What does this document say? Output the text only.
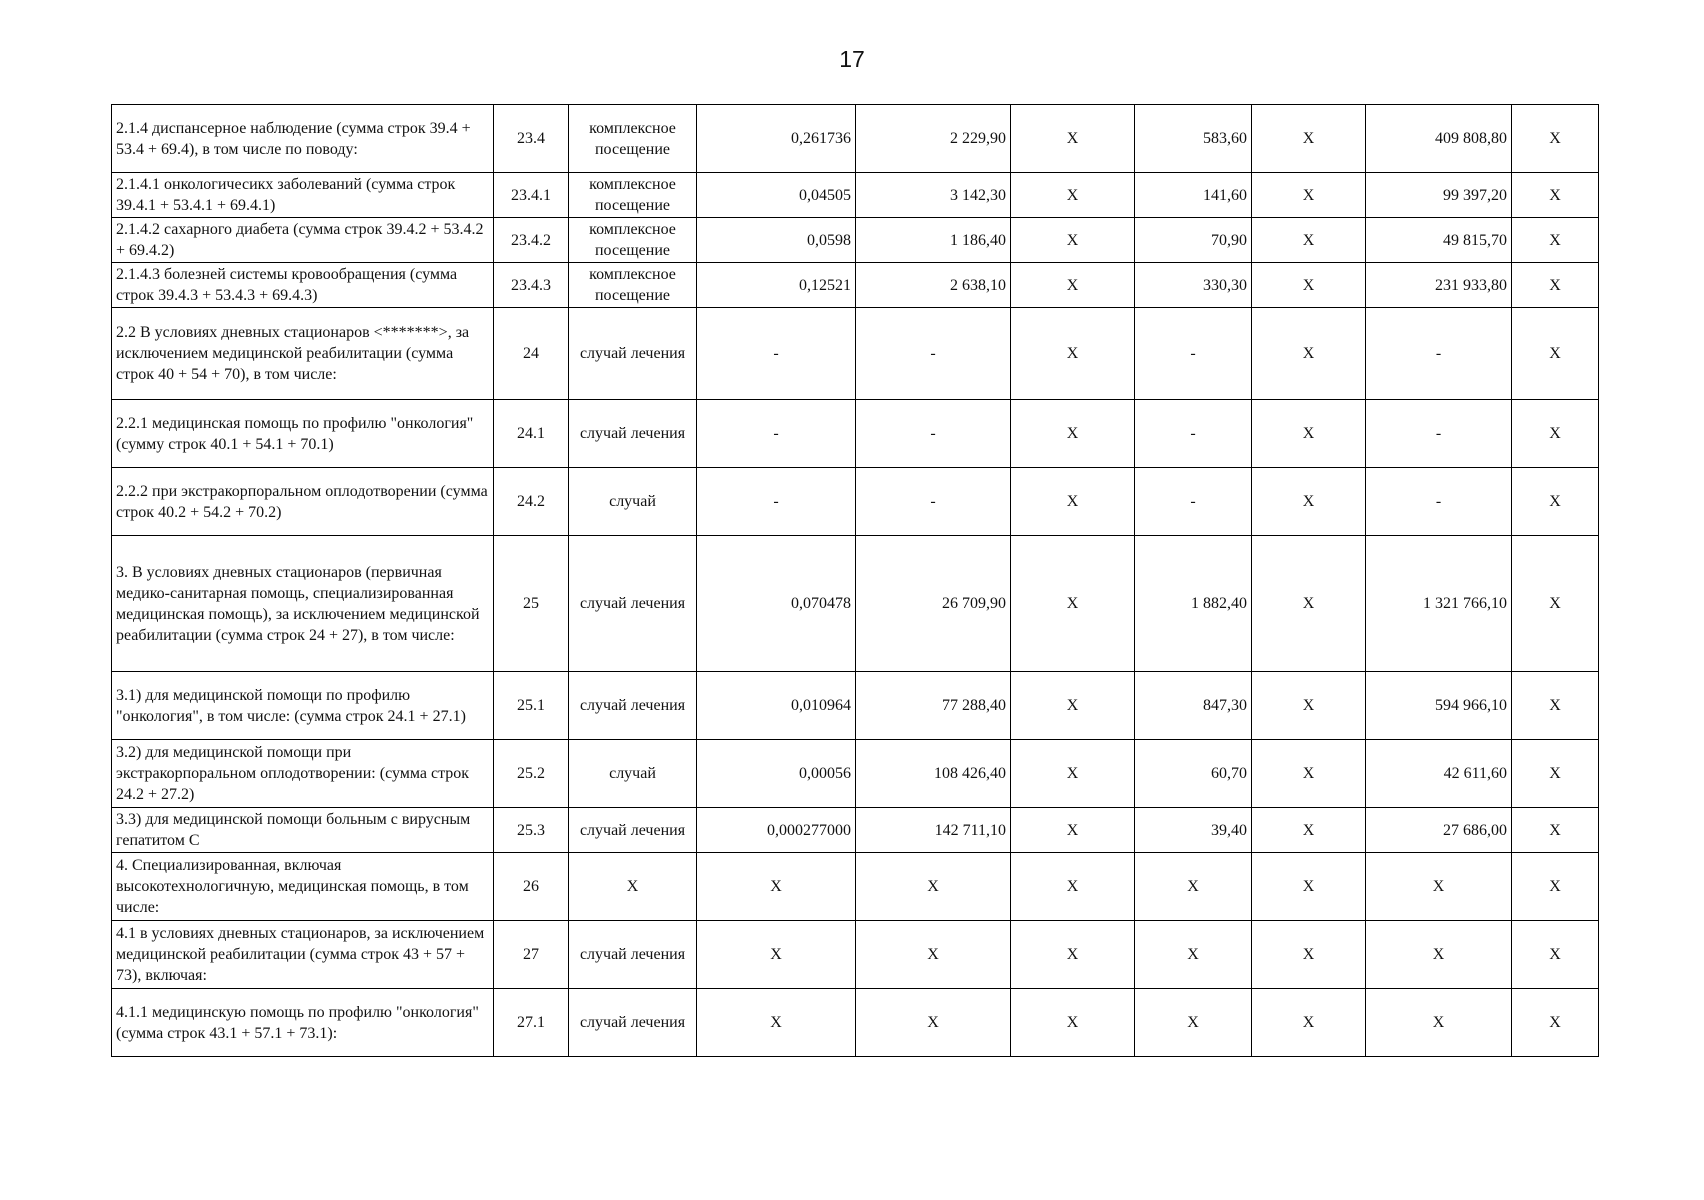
17
2.1.4 диспансерное наблюдение (сумма строк 39.4 + 53.4 + 69.4), в том числе по поводу:	23.4	комплексное посещение	0,261736	2 229,90	X	583,60	X	409 808,80	X
2.1.4.1 онкологичесикх заболеваний (сумма строк 39.4.1 + 53.4.1 + 69.4.1)	23.4.1	комплексное посещение	0,04505	3 142,30	X	141,60	X	99 397,20	X
2.1.4.2 сахарного диабета (сумма строк 39.4.2 + 53.4.2 + 69.4.2)	23.4.2	комплексное посещение	0,0598	1 186,40	X	70,90	X	49 815,70	X
2.1.4.3 болезней системы кровообращения (сумма строк 39.4.3 + 53.4.3 + 69.4.3)	23.4.3	комплексное посещение	0,12521	2 638,10	X	330,30	X	231 933,80	X
2.2 В условиях дневных стационаров <*******>, за исключением медицинской реабилитации (сумма строк 40 + 54 + 70), в том числе:	24	случай лечения	-	-	X	-	X	-	X
2.2.1 медицинская помощь по профилю "онкология" (сумму строк 40.1 + 54.1 + 70.1)	24.1	случай лечения	-	-	X	-	X	-	X
2.2.2 при экстракорпоральном оплодотворении (сумма строк 40.2 + 54.2 + 70.2)	24.2	случай	-	-	X	-	X	-	X
3. В условиях дневных стационаров (первичная медико-санитарная помощь, специализированная медицинская помощь), за исключением медицинской реабилитации (сумма строк 24 + 27), в том числе:	25	случай лечения	0,070478	26 709,90	X	1 882,40	X	1 321 766,10	X
3.1) для медицинской помощи по профилю "онкология", в том числе: (сумма строк 24.1 + 27.1)	25.1	случай лечения	0,010964	77 288,40	X	847,30	X	594 966,10	X
3.2) для медицинской помощи при экстракорпоральном оплодотворении: (сумма строк 24.2 + 27.2)	25.2	случай	0,00056	108 426,40	X	60,70	X	42 611,60	X
3.3) для медицинской помощи больным с вирусным гепатитом С	25.3	случай лечения	0,000277000	142 711,10	X	39,40	X	27 686,00	X
4. Специализированная, включая высокотехнологичную, медицинская помощь, в том числе:	26	X	X	X	X	X	X	X	X
4.1 в условиях дневных стационаров, за исключением медицинской реабилитации (сумма строк 43 + 57 + 73), включая:	27	случай лечения	X	X	X	X	X	X	X
4.1.1 медицинскую помощь по профилю "онкология" (сумма строк 43.1 + 57.1 + 73.1):	27.1	случай лечения	X	X	X	X	X	X	X
